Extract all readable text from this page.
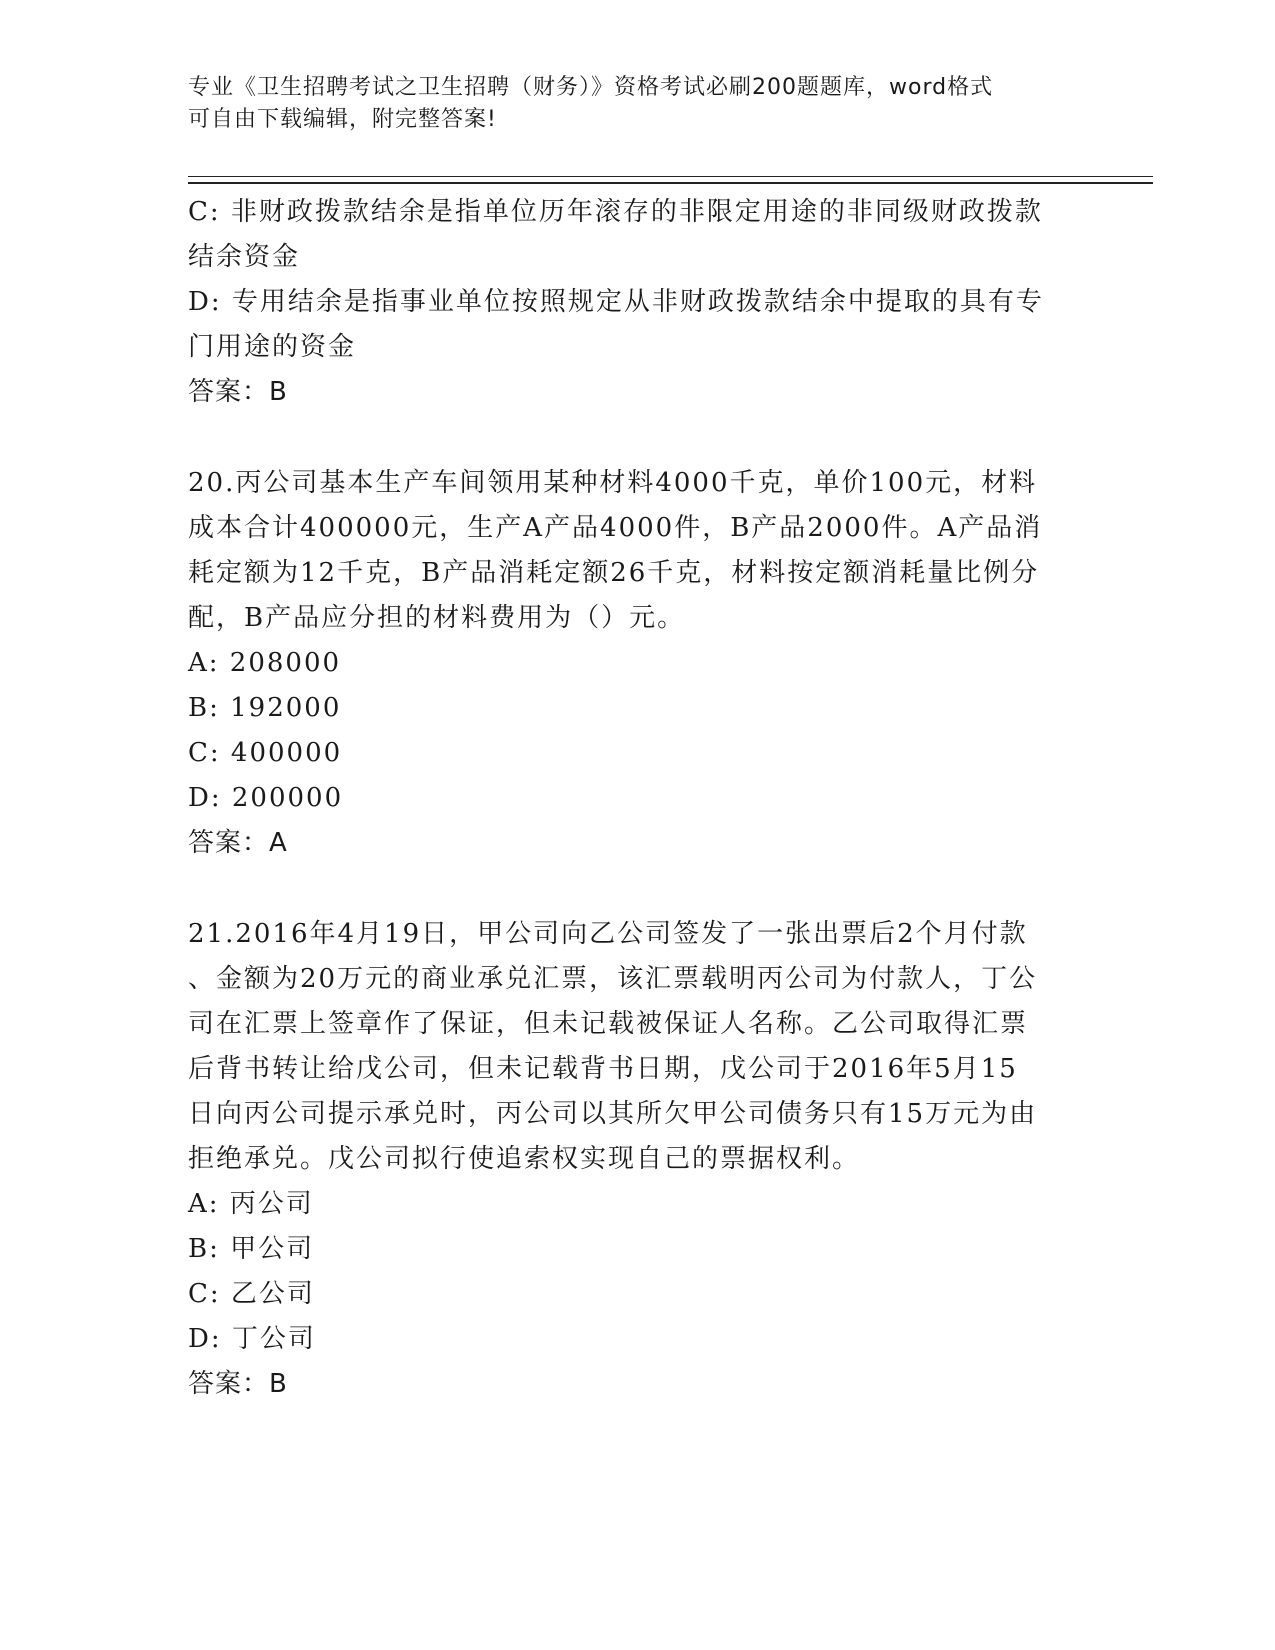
专业《卫生招聘考试之卫生招聘（财务）》资格考试必刷200题题库，word格式
可自由下载编辑，附完整答案!
C: 非财政拨款结余是指单位历年滚存的非限定用途的非同级财政拨款
结余资金
D: 专用结余是指事业单位按照规定从非财政拨款结余中提取的具有专
门用途的资金
答案：B
20.丙公司基本生产车间领用某种材料4000千克，单价100元，材料
成本合计400000元，生产A产品4000件，B产品2000件。A产品消
耗定额为12千克，B产品消耗定额26千克，材料按定额消耗量比例分
配，B产品应分担的材料费用为（）元。
A: 208000
B: 192000
C: 400000
D: 200000
答案：A
21.2016年4月19日，甲公司向乙公司签发了一张出票后2个月付款
、金额为20万元的商业承兑汇票，该汇票载明丙公司为付款人，丁公
司在汇票上签章作了保证，但未记载被保证人名称。乙公司取得汇票
后背书转让给戊公司，但未记载背书日期，戊公司于2016年5月15
日向丙公司提示承兑时，丙公司以其所欠甲公司债务只有15万元为由
拒绝承兑。戊公司拟行使追索权实现自己的票据权利。
A: 丙公司
B: 甲公司
C: 乙公司
D: 丁公司
答案：B
